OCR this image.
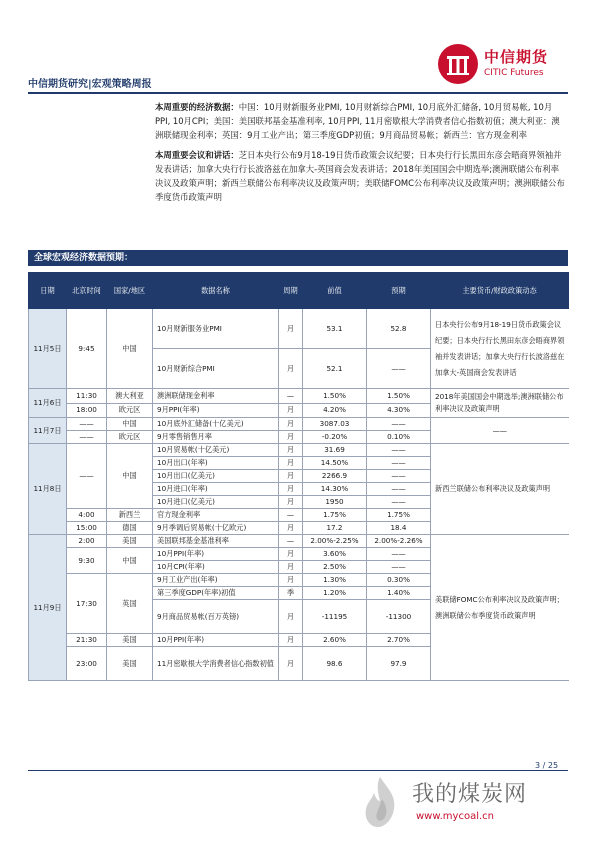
中信期货研究|宏观策略周报
中信期货
CITIC Futures

本周重要的经济数据：中国：10月财新服务业PMI, 10月财新综合PMI, 10月底外汇储备, 10月贸易帐, 10月PPI, 10月CPI；美国：美国联邦基金基准利率, 10月PPI, 11月密歇根大学消费者信心指数初值；澳大利亚：澳洲联储现金利率；英国：9月工业产出；第三季度GDP初值；9月商品贸易帐；新西兰：官方现金利率

本周重要会议和讲话：芝日本央行公布9月18-19日货币政策会议纪要；日本央行行长黑田东彦会晤商界领袖并发表讲话；加拿大央行行长波洛兹在加拿大-英国商会发表讲话；2018年美国国会中期选举;澳洲联储公布利率决议及政策声明；新西兰联储公布利率决议及政策声明；美联储FOMC公布利率决议及政策声明；澳洲联储公布季度货币政策声明

全球宏观经济数据预期：
日期	北京时间	国家/地区	数据名称	周期	前值	预期	主要货币/财政政策动态
11月5日	9:45	中国	10月财新服务业PMI	月	53.1	52.8	日本央行公布9月18-19日货币政策会议纪要；日本央行行长黑田东彦会晤商界领袖并发表讲话；加拿大央行行长波洛兹在加拿大-英国商会发表讲话
			10月财新综合PMI	月	52.1	——	
11月6日	11:30	澳大利亚	澳洲联储现金利率	—	1.50%	1.50%	2018年美国国会中期选举;澳洲联储公布利率决议及政策声明
	18:00	欧元区	9月PPI(年率)	月	4.20%	4.30%	
11月7日	——	中国	10月底外汇储备(十亿美元)	月	3087.03	——	——
	——	欧元区	9月零售销售月率	月	-0.20%	0.10%	
11月8日	——	中国	10月贸易帐(十亿美元)	月	31.69	——	新西兰联储公布利率决议及政策声明
			10月出口(年率)	月	14.50%	——	
			10月出口(亿美元)	月	2266.9	——	
			10月进口(年率)	月	14.30%	——	
			10月进口(亿美元)	月	1950	——	
	4:00	新西兰	官方现金利率	—	1.75%	1.75%	
	15:00	德国	9月季调后贸易帐(十亿欧元)	月	17.2	18.4	
11月9日	2:00	美国	美国联邦基金基准利率	—	2.00%-2.25%	2.00%-2.26%	美联储FOMC公布利率决议及政策声明；澳洲联储公布季度货币政策声明
	9:30	中国	10月PPI(年率)	月	3.60%	——	
			10月CPI(年率)	月	2.50%	——	
	17:30	英国	9月工业产出(年率)	月	1.30%	0.30%	
			第三季度GDP(年率)初值	季	1.20%	1.40%	
			9月商品贸易帐(百万英镑)	月	-11195	-11300	
	21:30	美国	10月PPI(年率)	月	2.60%	2.70%	
	23:00	美国	11月密歇根大学消费者信心指数初值	月	98.6	97.9	
3 / 25
我的煤炭网
www.mycoal.cn
